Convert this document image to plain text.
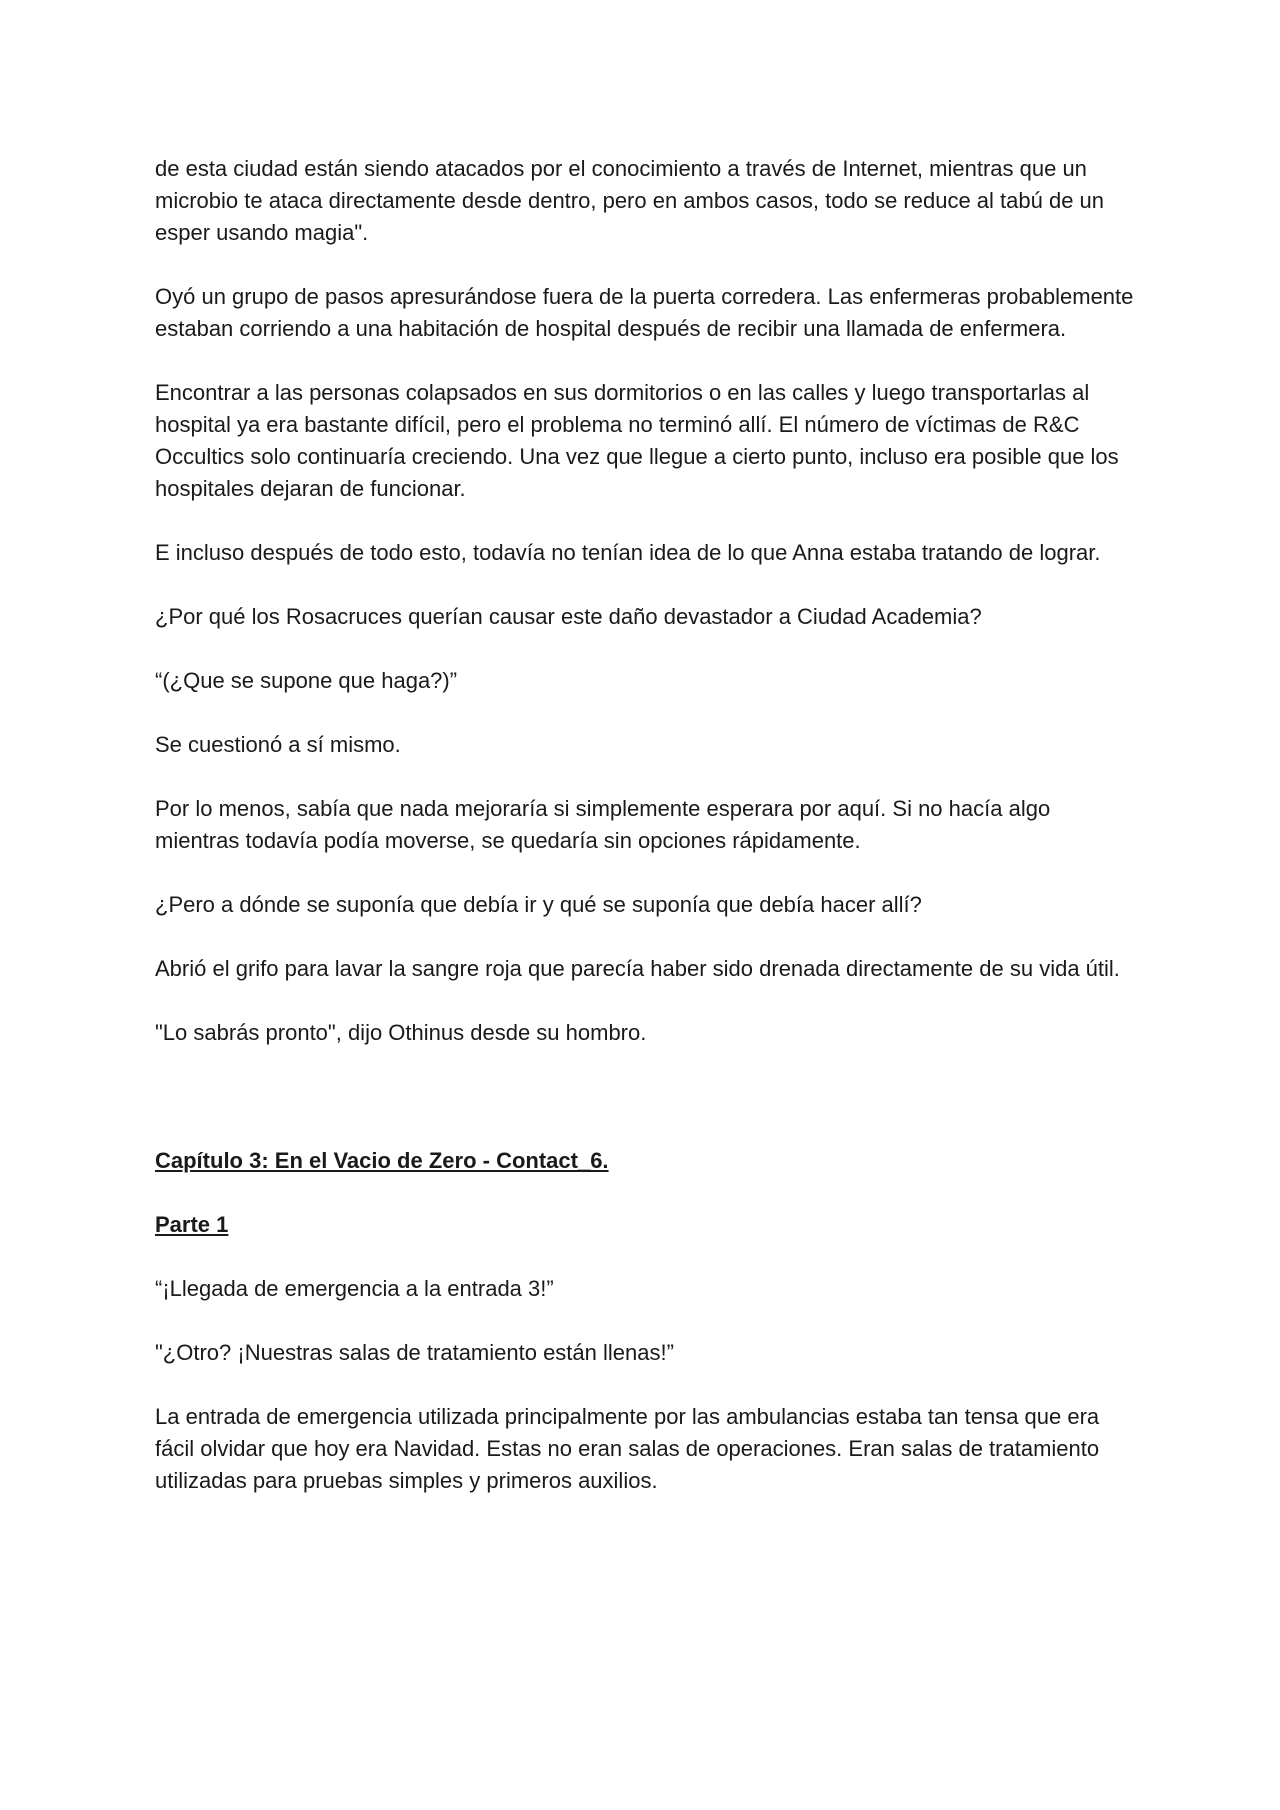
de esta ciudad están siendo atacados por el conocimiento a través de Internet, mientras que un microbio te ataca directamente desde dentro, pero en ambos casos, todo se reduce al tabú de un esper usando magia".

Oyó un grupo de pasos apresurándose fuera de la puerta corredera. Las enfermeras probablemente estaban corriendo a una habitación de hospital después de recibir una llamada de enfermera.

Encontrar a las personas colapsados en sus dormitorios o en las calles y luego transportarlas al hospital ya era bastante difícil, pero el problema no terminó allí. El número de víctimas de R&C Occultics solo continuaría creciendo. Una vez que llegue a cierto punto, incluso era posible que los hospitales dejaran de funcionar.

E incluso después de todo esto, todavía no tenían idea de lo que Anna estaba tratando de lograr.

¿Por qué los Rosacruces querían causar este daño devastador a Ciudad Academia?

“(¿Que se supone que haga?)”

Se cuestionó a sí mismo.

Por lo menos, sabía que nada mejoraría si simplemente esperara por aquí. Si no hacía algo mientras todavía podía moverse, se quedaría sin opciones rápidamente.

¿Pero a dónde se suponía que debía ir y qué se suponía que debía hacer allí?

Abrió el grifo para lavar la sangre roja que parecía haber sido drenada directamente de su vida útil.

"Lo sabrás pronto", dijo Othinus desde su hombro.

Capítulo 3: En el Vacio de Zero - Contact_6.

Parte 1

“¡Llegada de emergencia a la entrada 3!”

"¿Otro? ¡Nuestras salas de tratamiento están llenas!”

La entrada de emergencia utilizada principalmente por las ambulancias estaba tan tensa que era fácil olvidar que hoy era Navidad. Estas no eran salas de operaciones. Eran salas de tratamiento utilizadas para pruebas simples y primeros auxilios.
